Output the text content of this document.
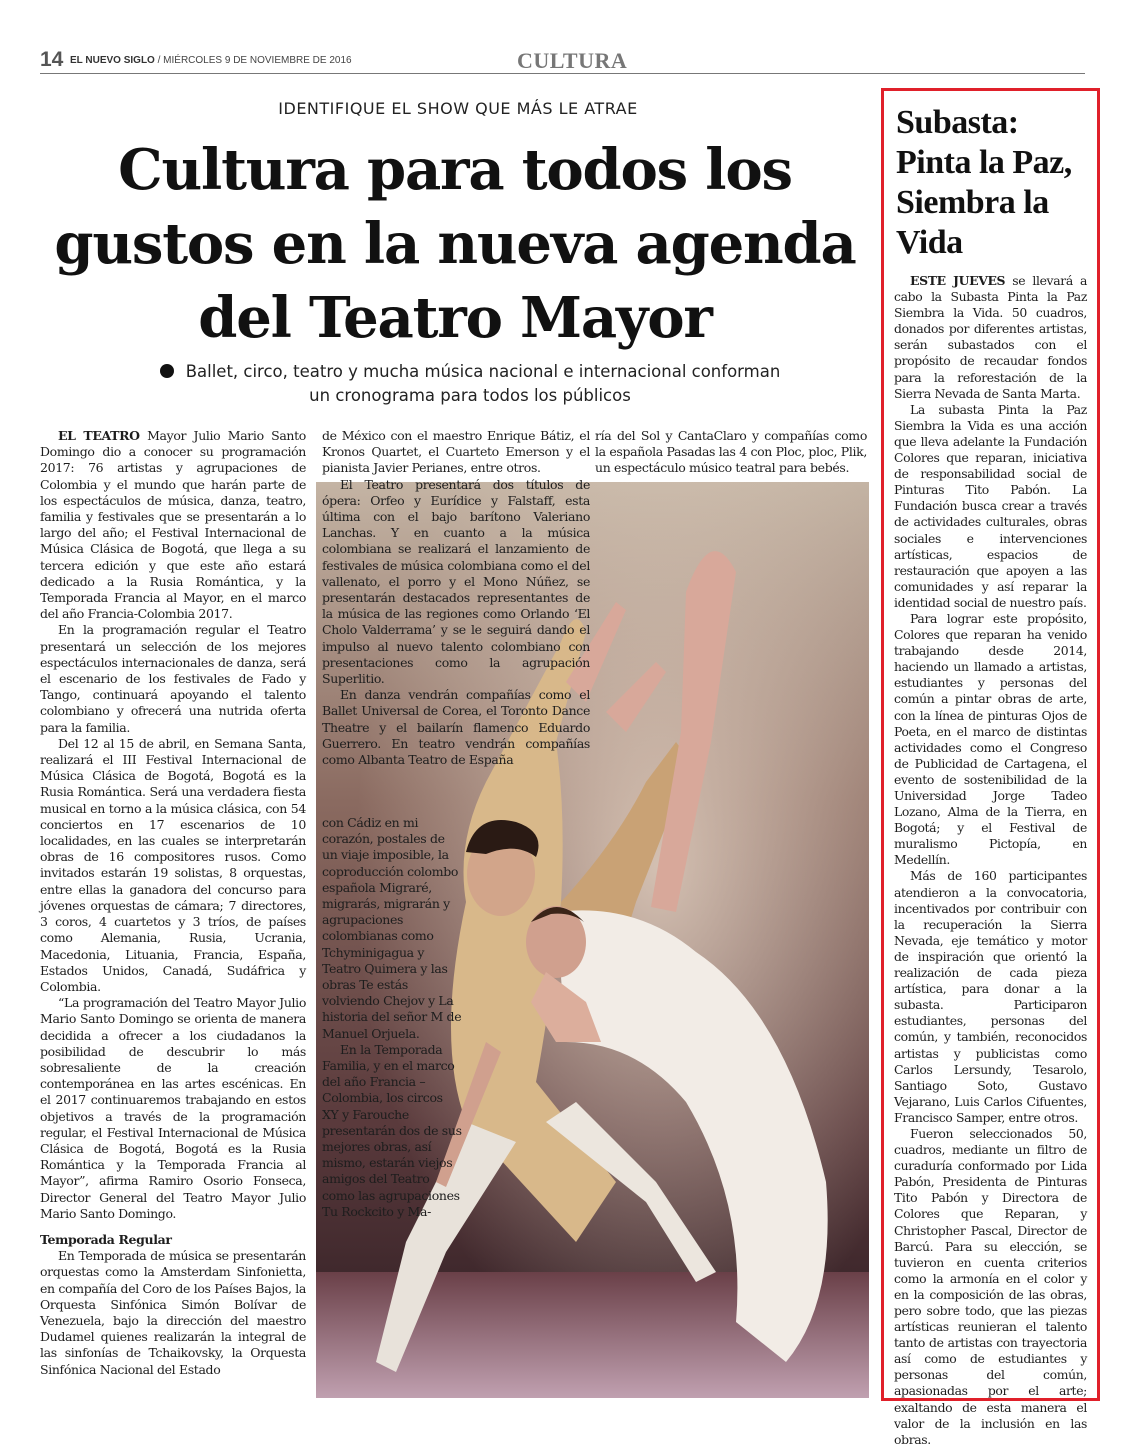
14 EL NUEVO SIGLO / MIÉRCOLES 9 DE NOVIEMBRE DE 2016	CULTURA
IDENTIFIQUE EL SHOW QUE MÁS LE ATRAE
Cultura para todos los gustos en la nueva agenda del Teatro Mayor
Ballet, circo, teatro y mucha música nacional e internacional conforman
un cronograma para todos los públicos

EL TEATRO Mayor Julio Mario Santo Domingo dio a conocer su programación 2017: 76 artistas y agrupaciones de Colombia y el mundo que harán parte de los espectáculos de música, danza, teatro, familia y festivales que se presentarán a lo largo del año; el Festival Internacional de Música Clásica de Bogotá, que llega a su tercera edición y que este año estará dedicado a la Rusia Romántica, y la Temporada Francia al Mayor, en el marco del año Francia-Colombia 2017.

En la programación regular el Teatro presentará un selección de los mejores espectáculos internacionales de danza, será el escenario de los festivales de Fado y Tango, continuará apoyando el talento colombiano y ofrecerá una nutrida oferta para la familia.

Del 12 al 15 de abril, en Semana Santa, realizará el III Festival Internacional de Música Clásica de Bogotá, Bogotá es la Rusia Romántica. Será una verdadera fiesta musical en torno a la música clásica, con 54 conciertos en 17 escenarios de 10 localidades, en las cuales se interpretarán obras de 16 compositores rusos. Como invitados estarán 19 solistas, 8 orquestas, entre ellas la ganadora del concurso para jóvenes orquestas de cámara; 7 directores, 3 coros, 4 cuartetos y 3 tríos, de países como Alemania, Rusia, Ucrania, Macedonia, Lituania, Francia, España, Estados Unidos, Canadá, Sudáfrica y Colombia.

“La programación del Teatro Mayor Julio Mario Santo Domingo se orienta de manera decidida a ofrecer a los ciudadanos la posibilidad de descubrir lo más sobresaliente de la creación contemporánea en las artes escénicas. En el 2017 continuaremos trabajando en estos objetivos a través de la programación regular, el Festival Internacional de Música Clásica de Bogotá, Bogotá es la Rusia Romántica y la Temporada Francia al Mayor”, afirma Ramiro Osorio Fonseca, Director General del Teatro Mayor Julio Mario Santo Domingo.

Temporada Regular

En Temporada de música se presentarán orquestas como la Amsterdam Sinfonietta, en compañía del Coro de los Países Bajos, la Orquesta Sinfónica Simón Bolívar de Venezuela, bajo la dirección del maestro Dudamel quienes realizarán la integral de las sinfonías de Tchaikovsky, la Orquesta Sinfónica Nacional del Estado

de México con el maestro Enrique Bátiz, el Kronos Quartet, el Cuarteto Emerson y el pianista Javier Perianes, entre otros.

El Teatro presentará dos títulos de ópera: Orfeo y Eurídice y Falstaff, esta última con el bajo barítono Valeriano Lanchas. Y en cuanto a la música colombiana se realizará el lanzamiento de festivales de música colombiana como el del vallenato, el porro y el Mono Núñez, se presentarán destacados representantes de la música de las regiones como Orlando ‘El Cholo Valderrama’ y se le seguirá dando el impulso al nuevo talento colombiano con presentaciones como la agrupación Superlitio.

En danza vendrán compañías como el Ballet Universal de Corea, el Toronto Dance Theatre y el bailarín flamenco Eduardo Guerrero. En teatro vendrán compañías como Albanta Teatro de España

con Cádiz en mi corazón, postales de un viaje imposible, la coproducción colombo española Migraré, migrarás, migrarán y agrupaciones colombianas como Tchyminigagua y Teatro Quimera y las obras Te estás volviendo Chejov y La historia del señor M de Manuel Orjuela.

En la Temporada Familia, y en el marco del año Francia – Colombia, los circos XY y Farouche presentarán dos de sus mejores obras, así mismo, estarán viejos amigos del Teatro como las agrupaciones Tu Rockcito y Ma-

ría del Sol y CantaClaro y compañías como la española Pasadas las 4 con Ploc, ploc, Plik, un espectáculo músico teatral para bebés.

Subasta: Pinta la Paz, Siembra la Vida

ESTE JUEVES se llevará a cabo la Subasta Pinta la Paz Siembra la Vida. 50 cuadros, donados por diferentes artistas, serán subastados con el propósito de recaudar fondos para la reforestación de la Sierra Nevada de Santa Marta.

La subasta Pinta la Paz Siembra la Vida es una acción que lleva adelante la Fundación Colores que reparan, iniciativa de responsabilidad social de Pinturas Tito Pabón. La Fundación busca crear a través de actividades culturales, obras sociales e intervenciones artísticas, espacios de restauración que apoyen a las comunidades y así reparar la identidad social de nuestro país.

Para lograr este propósito, Colores que reparan ha venido trabajando desde 2014, haciendo un llamado a artistas, estudiantes y personas del común a pintar obras de arte, con la línea de pinturas Ojos de Poeta, en el marco de distintas actividades como el Congreso de Publicidad de Cartagena, el evento de sostenibilidad de la Universidad Jorge Tadeo Lozano, Alma de la Tierra, en Bogotá; y el Festival de muralismo Pictopía, en Medellín.

Más de 160 participantes atendieron a la convocatoria, incentivados por contribuir con la recuperación la Sierra Nevada, eje temático y motor de inspiración que orientó la realización de cada pieza artística, para donar a la subasta. Participaron estudiantes, personas del común, y también, reconocidos artistas y publicistas como Carlos Lersundy, Tesarolo, Santiago Soto, Gustavo Vejarano, Luis Carlos Cifuentes, Francisco Samper, entre otros.

Fueron seleccionados 50, cuadros, mediante un filtro de curaduría conformado por Lida Pabón, Presidenta de Pinturas Tito Pabón y Directora de Colores que Reparan, y Christopher Pascal, Director de Barcú. Para su elección, se tuvieron en cuenta criterios como la armonía en el color y en la composición de las obras, pero sobre todo, que las piezas artísticas reunieran el talento tanto de artistas con trayectoria así como de estudiantes y personas del común, apasionadas por el arte; exaltando de esta manera el valor de la inclusión en las obras.
